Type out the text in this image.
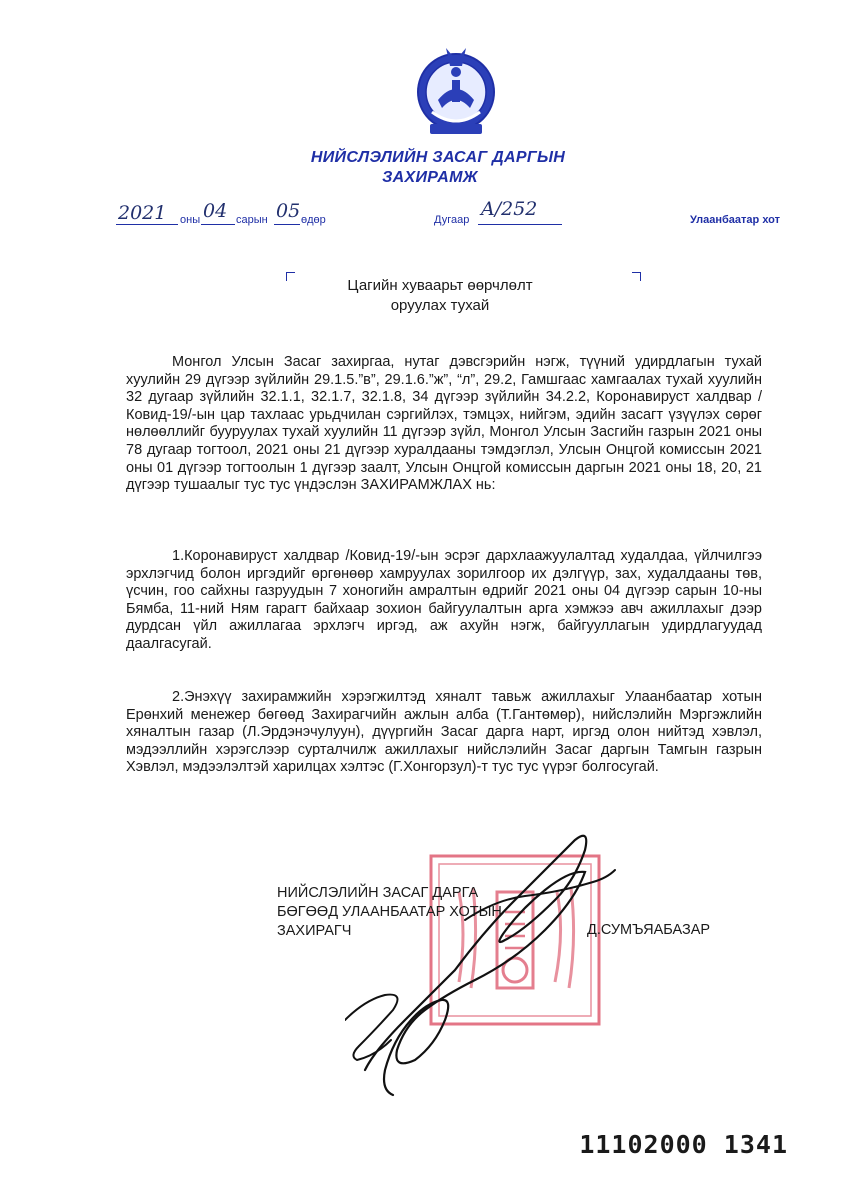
НИЙСЛЭЛИЙН ЗАСАГ ДАРГЫН
ЗАХИРАМЖ
2021 оны 04 сарын 05 өдөр	Дугаар A/252	Улаанбаатар хот
Цагийн хуваарьт өөрчлөлт
оруулах тухай
Монгол Улсын Засаг захиргаа, нутаг дэвсгэрийн нэгж, түүний удирдлагын тухай хуулийн 29 дүгээр зүйлийн 29.1.5.”в”, 29.1.6.”ж”, “л”, 29.2, Гамшгаас хамгаалах тухай хуулийн 32 дугаар зүйлийн 32.1.1, 32.1.7, 32.1.8, 34 дүгээр зүйлийн 34.2.2, Коронавируст халдвар /Ковид-19/-ын цар тахлаас урьдчилан сэргийлэх, тэмцэх, нийгэм, эдийн засагт үзүүлэх сөрөг нөлөөллийг бууруулах тухай хуулийн 11 дүгээр зүйл, Монгол Улсын Засгийн газрын 2021 оны 78 дугаар тогтоол, 2021 оны 21 дүгээр хуралдааны тэмдэглэл, Улсын Онцгой комиссын 2021 оны 01 дүгээр тогтоолын 1 дүгээр заалт, Улсын Онцгой комиссын даргын 2021 оны 18, 20, 21 дүгээр тушаалыг тус тус үндэслэн ЗАХИРАМЖЛАХ нь:
1.Коронавируст халдвар /Ковид-19/-ын эсрэг дархлаажуулалтад худалдаа, үйлчилгээ эрхлэгчид болон иргэдийг өргөнөөр хамруулах зорилгоор их дэлгүүр, зах, худалдааны төв, үсчин, гоо сайхны газруудын 7 хоногийн амралтын өдрийг 2021 оны 04 дүгээр сарын 10-ны Бямба, 11-ний Ням гарагт байхаар зохион байгуулалтын арга хэмжээ авч ажиллахыг дээр дурдсан үйл ажиллагаа эрхлэгч иргэд, аж ахуйн нэгж, байгууллагын удирдлагуудад даалгасугай.
2.Энэхүү захирамжийн хэрэгжилтэд хяналт тавьж ажиллахыг Улаанбаатар хотын Ерөнхий менежер бөгөөд Захирагчийн ажлын алба (Т.Гантөмөр), нийслэлийн Мэргэжлийн хяналтын газар (Л.Эрдэнэчулуун), дүүргийн Засаг дарга нарт, иргэд олон нийтэд хэвлэл, мэдээллийн хэрэгслээр сурталчилж ажиллахыг нийслэлийн Засаг даргын Тамгын газрын Хэвлэл, мэдээлэлтэй харилцах хэлтэс (Г.Хонгорзул)-т тус тус үүрэг болгосугай.
НИЙСЛЭЛИЙН ЗАСАГ ДАРГА
БӨГӨӨД УЛААНБААТАР ХОТЫН
ЗАХИРАГЧ	Д.СУМЪЯАБАЗАР
11102000 1341
